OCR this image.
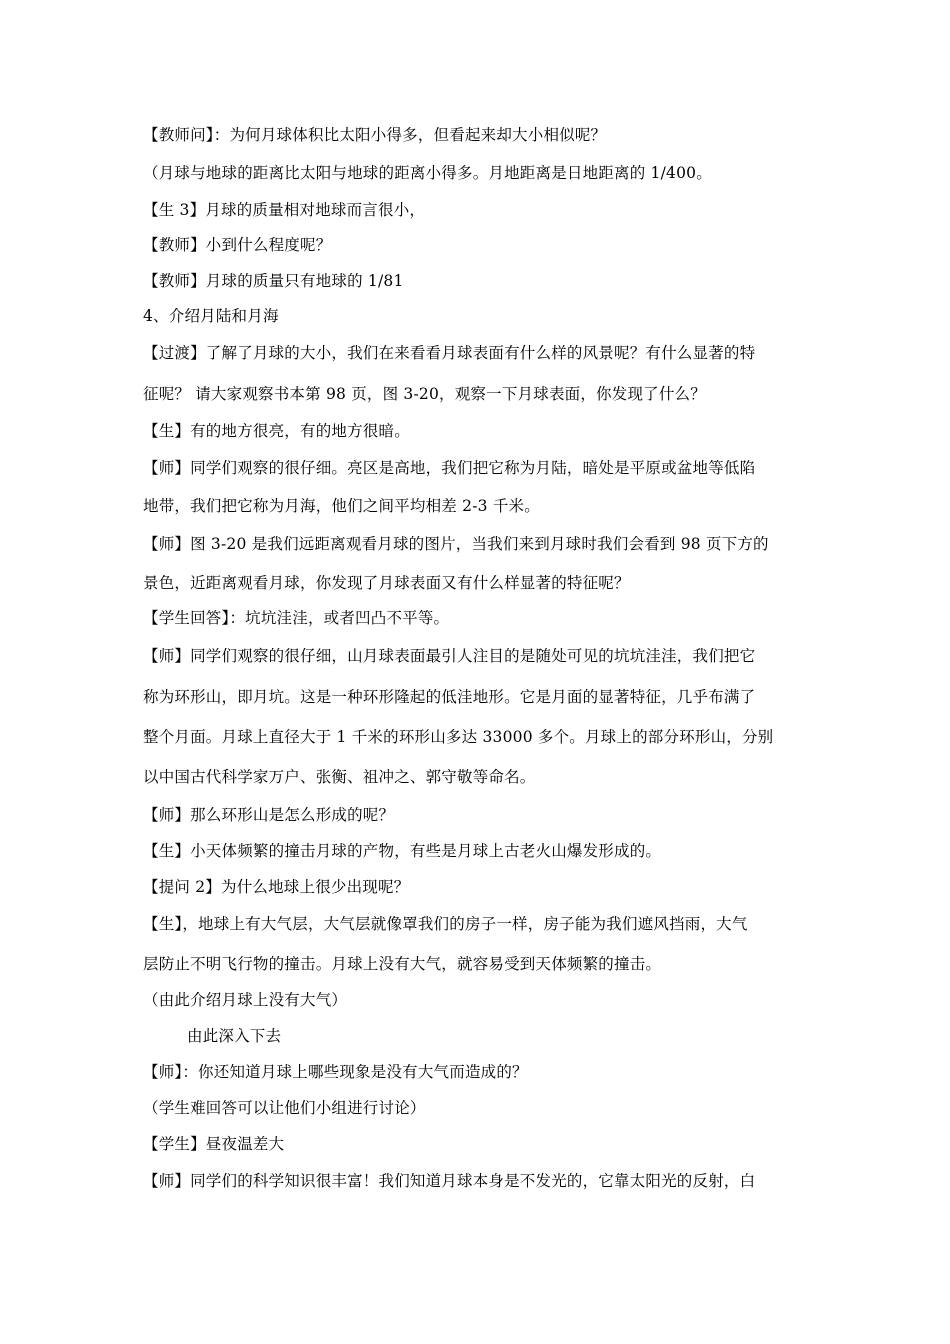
【教师问】：为何月球体积比太阳小得多，但看起来却大小相似呢？
（月球与地球的距离比太阳与地球的距离小得多。月地距离是日地距离的 1/400。
【生 3】月球的质量相对地球而言很小，
【教师】小到什么程度呢？
【教师】月球的质量只有地球的 1/81
4、介绍月陆和月海
【过渡】了解了月球的大小，我们在来看看月球表面有什么样的风景呢？有什么显著的特
征呢？ 请大家观察书本第 98 页，图 3-20，观察一下月球表面，你发现了什么？
【生】有的地方很亮，有的地方很暗。
【师】同学们观察的很仔细。亮区是高地，我们把它称为月陆，暗处是平原或盆地等低陷
地带，我们把它称为月海，他们之间平均相差 2-3 千米。
【师】图 3-20 是我们远距离观看月球的图片，当我们来到月球时我们会看到 98 页下方的
景色，近距离观看月球，你发现了月球表面又有什么样显著的特征呢？
【学生回答】：坑坑洼洼，或者凹凸不平等。
【师】同学们观察的很仔细，山月球表面最引人注目的是随处可见的坑坑洼洼，我们把它
称为环形山，即月坑。这是一种环形隆起的低洼地形。它是月面的显著特征，几乎布满了
整个月面。月球上直径大于 1 千米的环形山多达 33000 多个。月球上的部分环形山，分别
以中国古代科学家万户、张衡、祖冲之、郭守敬等命名。
【师】那么环形山是怎么形成的呢？
【生】小天体频繁的撞击月球的产物，有些是月球上古老火山爆发形成的。
【提问 2】为什么地球上很少出现呢？
【生】，地球上有大气层，大气层就像罩我们的房子一样，房子能为我们遮风挡雨，大气
层防止不明飞行物的撞击。月球上没有大气，就容易受到天体频繁的撞击。
（由此介绍月球上没有大气）
由此深入下去
【师】：你还知道月球上哪些现象是没有大气而造成的？
（学生难回答可以让他们小组进行讨论）
【学生】昼夜温差大
【师】同学们的科学知识很丰富！我们知道月球本身是不发光的，它靠太阳光的反射，白
